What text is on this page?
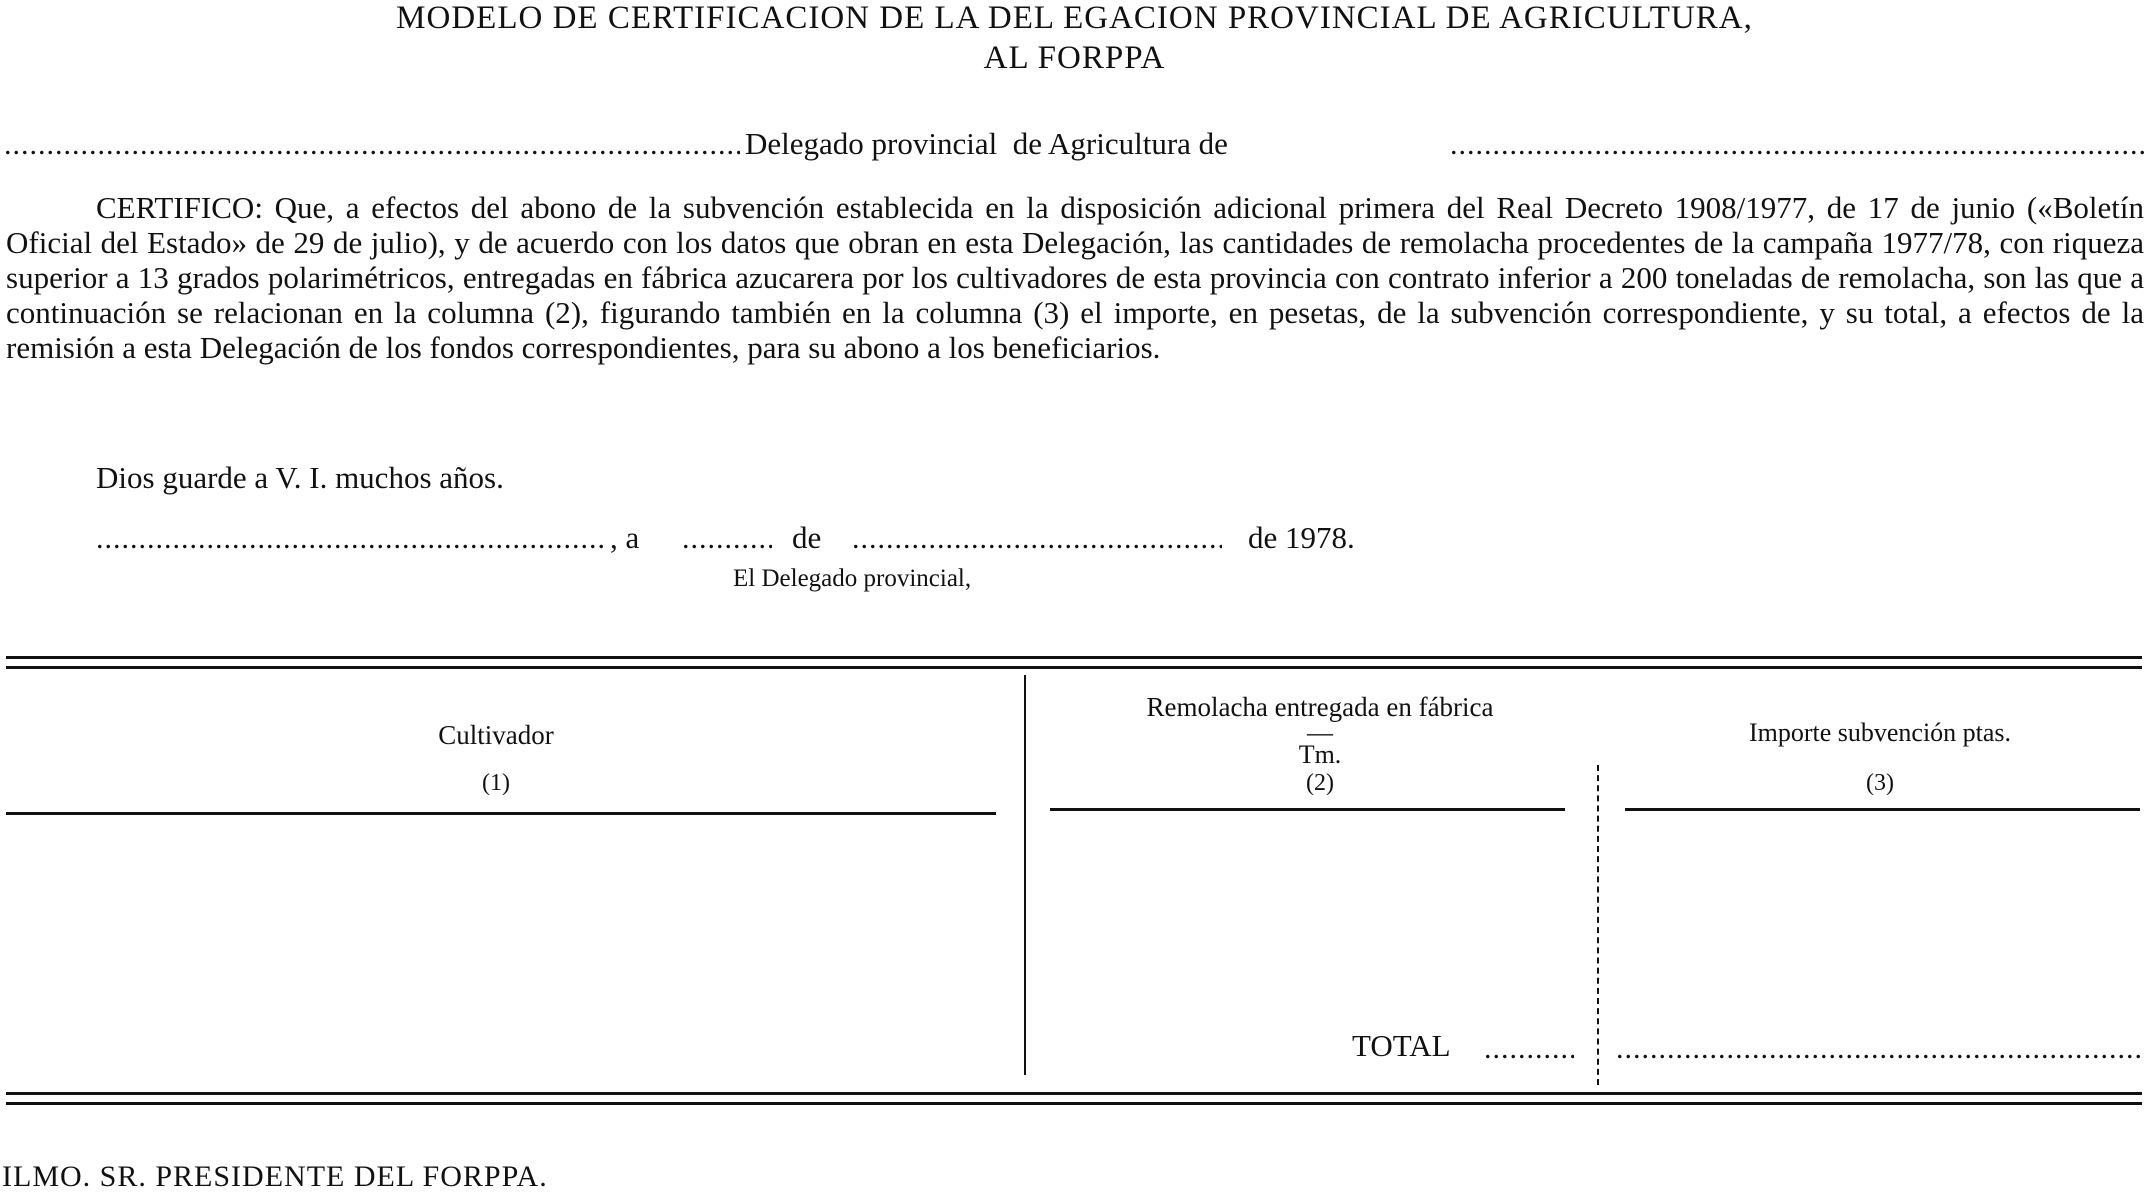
MODELO DE CERTIFICACION DE LA DEL EGACION PROVINCIAL DE AGRICULTURA,
AL FORPPA
.....
Delegado provincial  de Agricultura de
.....
CERTIFICO: Que, a efectos del abono de la subvención establecida en la disposición adicional primera del Real Decreto 1908/1977, de 17 de junio («Boletín Oficial del Estado» de 29 de julio), y de acuerdo con los datos que obran en esta Delegación, las cantidades de remolacha procedentes de la campaña 1977/78, con riqueza superior a 13 grados polarimétricos, entregadas en fábrica azucarera por los cultivadores de esta provincia con contrato inferior a 200 toneladas de remolacha, son las que a continuación se relacionan en la columna (2), figurando también en la columna (3) el importe, en pesetas, de la subvención correspondiente, y su total, a efectos de la remisión a esta Delegación de los fondos correspondientes, para su abono a los beneficiarios.
Dios guarde a V. I. muchos años.
.....
, a .....	de .....	de 1978.
El Delegado provincial,
Cultivador
(1)
Remolacha entregada en fábrica
—
Tm.
(2)
Importe subvención ptas.
(3)
TOTAL
.....
.....
ILMO. SR. PRESIDENTE DEL FORPPA.
